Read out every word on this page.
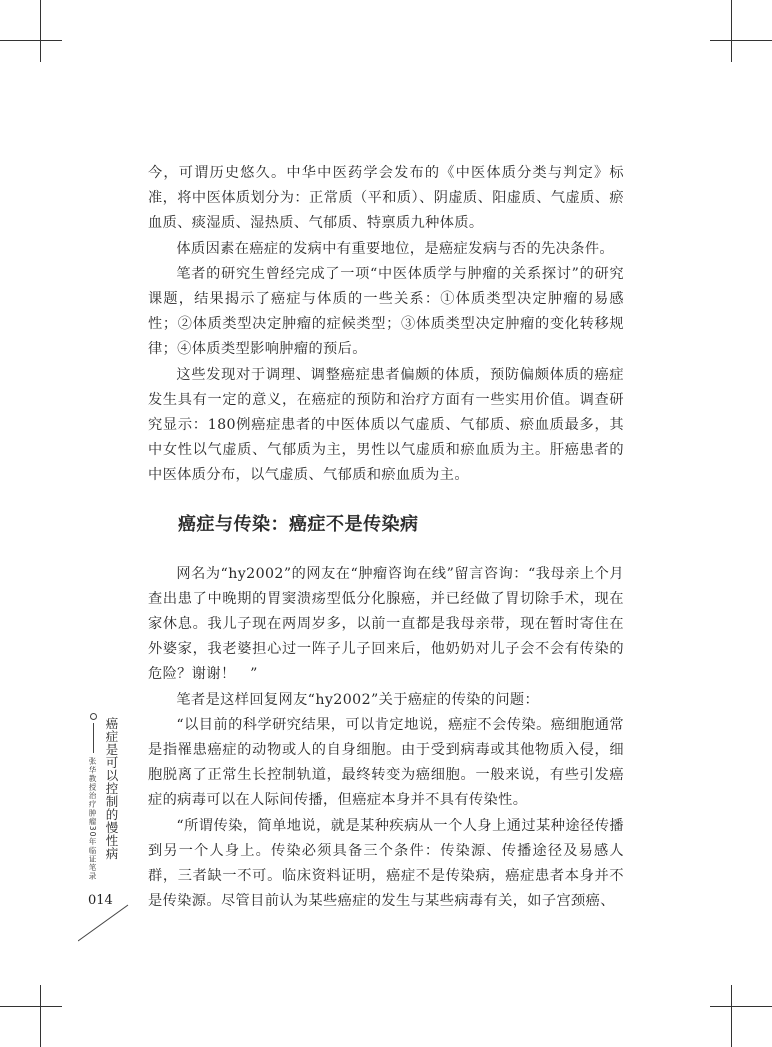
今，可谓历史悠久。中华中医药学会发布的《中医体质分类与判定》标准，将中医体质划分为：正常质（平和质）、阴虚质、阳虚质、气虚质、瘀血质、痰湿质、湿热质、气郁质、特禀质九种体质。

体质因素在癌症的发病中有重要地位，是癌症发病与否的先决条件。

笔者的研究生曾经完成了一项“中医体质学与肿瘤的关系探讨”的研究课题，结果揭示了癌症与体质的一些关系：①体质类型决定肿瘤的易感性；②体质类型决定肿瘤的症候类型；③体质类型决定肿瘤的变化转移规律；④体质类型影响肿瘤的预后。

这些发现对于调理、调整癌症患者偏颇的体质，预防偏颇体质的癌症发生具有一定的意义，在癌症的预防和治疗方面有一些实用价值。调查研究显示：180例癌症患者的中医体质以气虚质、气郁质、瘀血质最多，其中女性以气虚质、气郁质为主，男性以气虚质和瘀血质为主。肝癌患者的中医体质分布，以气虚质、气郁质和瘀血质为主。

癌症与传染：癌症不是传染病

网名为“hy2002”的网友在“肿瘤咨询在线”留言咨询：“我母亲上个月查出患了中晚期的胃窦溃疡型低分化腺癌，并已经做了胃切除手术，现在家休息。我儿子现在两周岁多，以前一直都是我母亲带，现在暂时寄住在外婆家，我老婆担心过一阵子儿子回来后，他奶奶对儿子会不会有传染的危险？谢谢！　”

笔者是这样回复网友“hy2002”关于癌症的传染的问题：

“以目前的科学研究结果，可以肯定地说，癌症不会传染。癌细胞通常是指罹患癌症的动物或人的自身细胞。由于受到病毒或其他物质入侵，细胞脱离了正常生长控制轨道，最终转变为癌细胞。一般来说，有些引发癌症的病毒可以在人际间传播，但癌症本身并不具有传染性。

“所谓传染，简单地说，就是某种疾病从一个人身上通过某种途径传播到另一个人身上。传染必须具备三个条件：传染源、传播途径及易感人群，三者缺一不可。临床资料证明，癌症不是传染病，癌症患者本身并不是传染源。尽管目前认为某些癌症的发生与某些病毒有关，如子宫颈癌、

张华教授治疗肿瘤30年临证笔录 癌症是可以控制的慢性病
014
